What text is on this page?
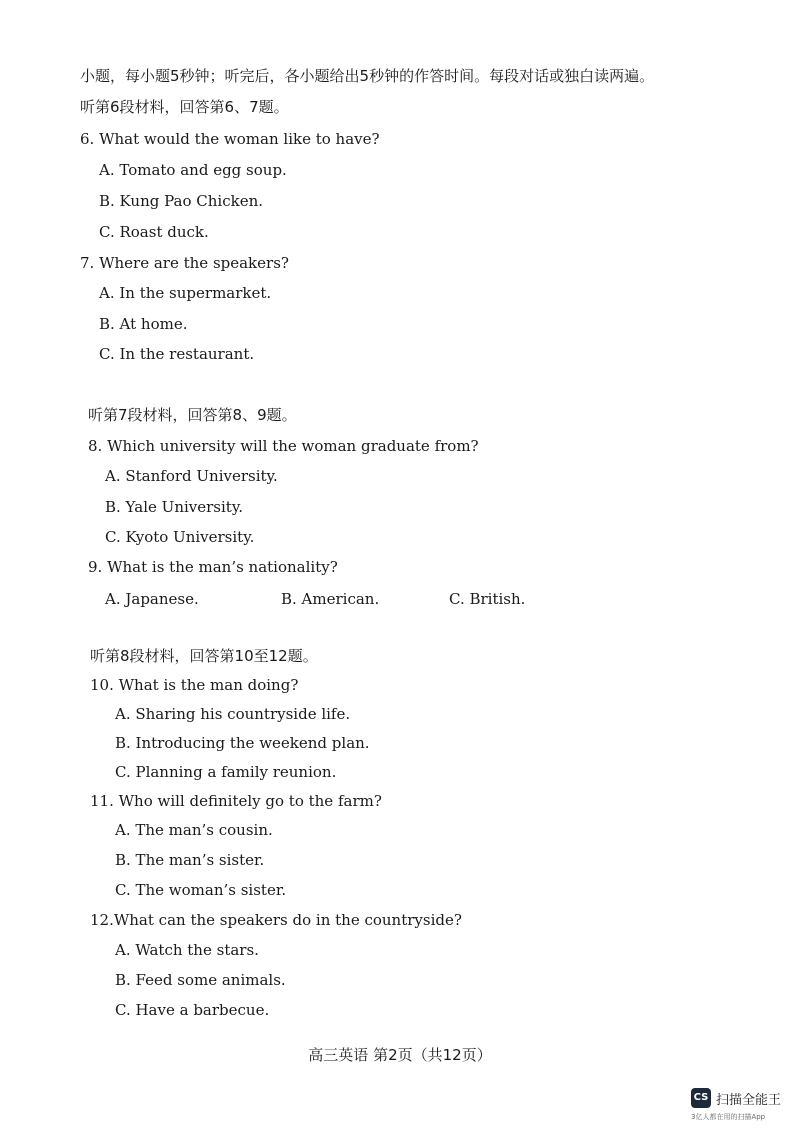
小题，每小题5秒钟；听完后，各小题给出5秒钟的作答时间。每段对话或独白读两遍。
听第6段材料，回答第6、7题。
6. What would the woman like to have?
A. Tomato and egg soup.
B. Kung Pao Chicken.
C. Roast duck.
7. Where are the speakers?
A. In the supermarket.
B. At home.
C. In the restaurant.
听第7段材料，回答第8、9题。
8. Which university will the woman graduate from?
A. Stanford University.
B. Yale University.
C. Kyoto University.
9. What is the man’s nationality?
A. Japanese.	B. American.	C. British.
听第8段材料，回答第10至12题。
10. What is the man doing?
A. Sharing his countryside life.
B. Introducing the weekend plan.
C. Planning a family reunion.
11. Who will definitely go to the farm?
A. The man’s cousin.
B. The man’s sister.
C. The woman’s sister.
12.What can the speakers do in the countryside?
A. Watch the stars.
B. Feed some animals.
C. Have a barbecue.
高三英语 第2页（共12页）
CS 扫描全能王
3亿人都在用的扫描App
